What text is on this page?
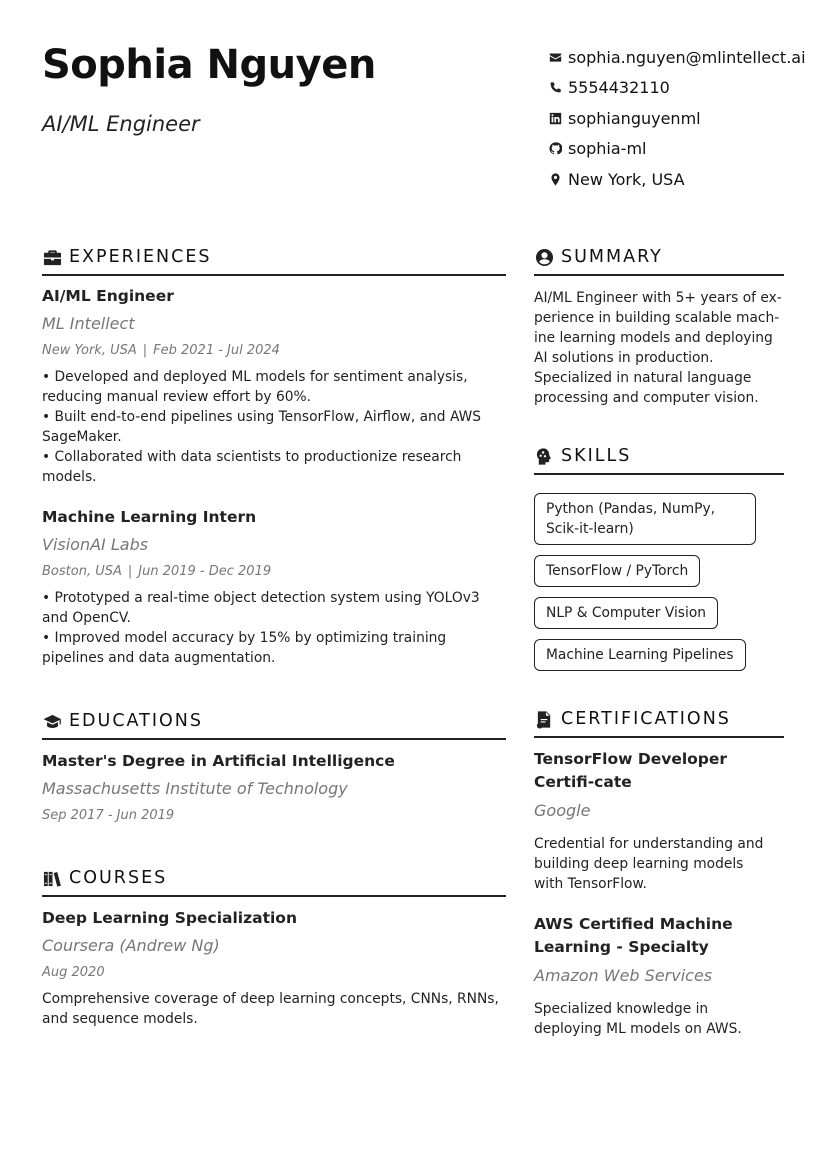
Sophia Nguyen
AI/ML Engineer
sophia.nguyen@mlintellect.ai
5554432110
sophianguyenml
sophia-ml
New York, USA
EXPERIENCES
AI/ML Engineer
ML Intellect
New York, USA | Feb 2021 - Jul 2024
• Developed and deployed ML models for sentiment analysis, reducing manual review effort by 60%.
• Built end-to-end pipelines using TensorFlow, Airflow, and AWS SageMaker.
• Collaborated with data scientists to productionize research models.
Machine Learning Intern
VisionAI Labs
Boston, USA | Jun 2019 - Dec 2019
• Prototyped a real-time object detection system using YOLOv3 and OpenCV.
• Improved model accuracy by 15% by optimizing training pipelines and data augmentation.
EDUCATIONS
Master's Degree in Artificial Intelligence
Massachusetts Institute of Technology
Sep 2017 - Jun 2019
COURSES
Deep Learning Specialization
Coursera (Andrew Ng)
Aug 2020
Comprehensive coverage of deep learning concepts, CNNs, RNNs, and sequence models.
SUMMARY
AI/ML Engineer with 5+ years of ex-perience in building scalable mach-ine learning models and deploying AI solutions in production. Specialized in natural language processing and computer vision.
SKILLS
Python (Pandas, NumPy, Scik-it-learn)
TensorFlow / PyTorch
NLP & Computer Vision
Machine Learning Pipelines
CERTIFICATIONS
TensorFlow Developer Certifi-cate
Google
Credential for understanding and building deep learning models with TensorFlow.
AWS Certified Machine Learning - Specialty
Amazon Web Services
Specialized knowledge in deploying ML models on AWS.
